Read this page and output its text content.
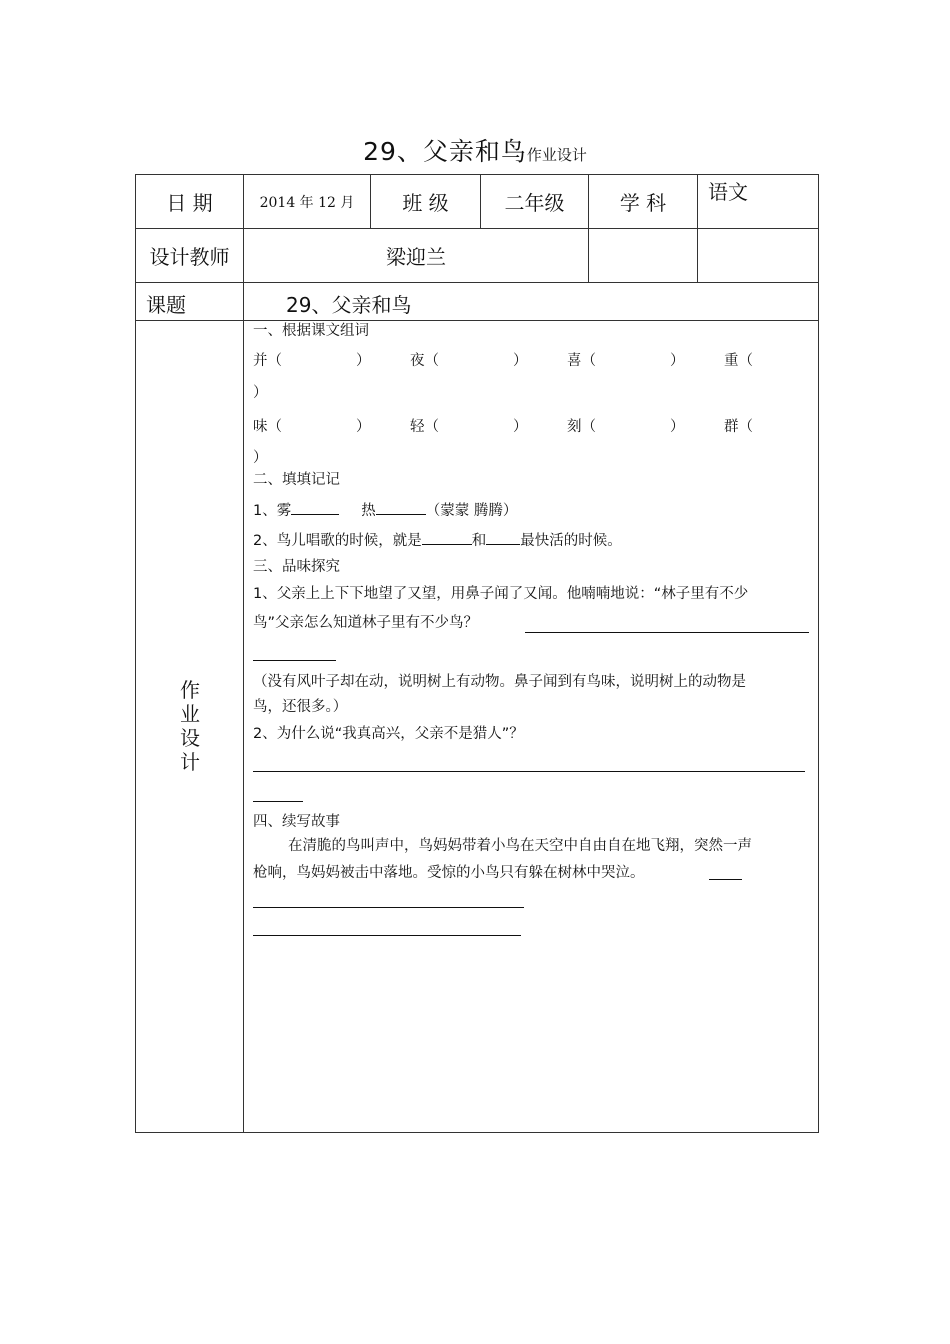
29、父亲和鸟作业设计
日 期	2014 年 12 月	班 级	二年级	学 科	语文
设计教师	梁迎兰
课题	29、父亲和鸟
作
业
设
计
一、根据课文组词
并（	）	夜（	）	喜（	）	重（
）
味（	）	轻（	）	刻（	）	群（
）
二、填填记记
1、雾	热	（蒙蒙 腾腾）
2、鸟儿唱歌的时候，就是	和 最快活的时候。
三、品味探究
1、父亲上上下下地望了又望，用鼻子闻了又闻。他喃喃地说：“林子里有不少
鸟”父亲怎么知道林子里有不少鸟？
（没有风叶子却在动，说明树上有动物。鼻子闻到有鸟味，说明树上的动物是
鸟，还很多。）
2、为什么说“我真高兴，父亲不是猎人”？
四、续写故事
在清脆的鸟叫声中，鸟妈妈带着小鸟在天空中自由自在地飞翔，突然一声
枪响，鸟妈妈被击中落地。受惊的小鸟只有躲在树林中哭泣。
